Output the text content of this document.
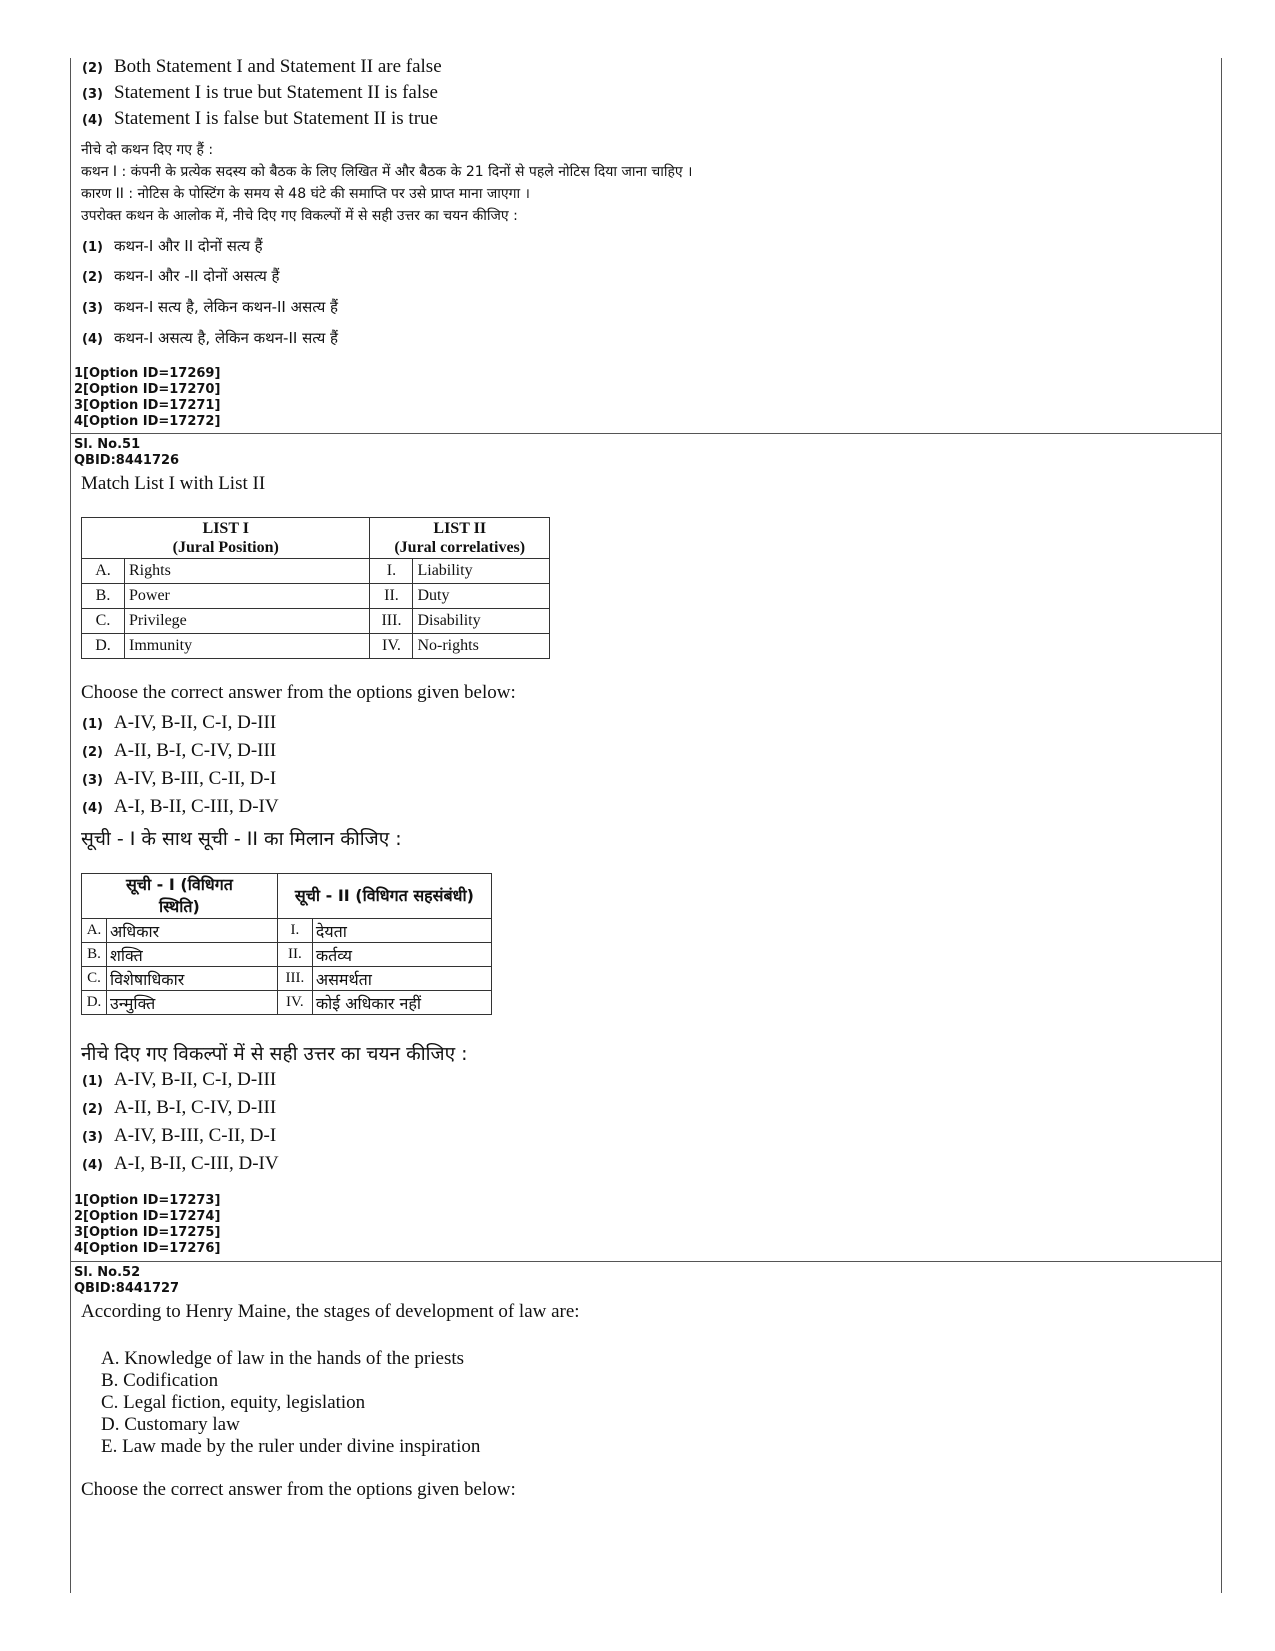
(2) Both Statement I and Statement II are false
(3) Statement I is true but Statement II is false
(4) Statement I is false but Statement II is true
नीचे दो कथन दिए गए हैं :
कथन I : कंपनी के प्रत्येक सदस्य को बैठक के लिए लिखित में और बैठक के 21 दिनों से पहले नोटिस दिया जाना चाहिए ।
कारण II : नोटिस के पोस्टिंग के समय से 48 घंटे की समाप्ति पर उसे प्राप्त माना जाएगा ।
उपरोक्त कथन के आलोक में, नीचे दिए गए विकल्पों में से सही उत्तर का चयन कीजिए :
(1) कथन-I और II दोनों सत्य हैं
(2) कथन-I और -II दोनों असत्य हैं
(3) कथन-I सत्य है, लेकिन कथन-II असत्य हैं
(4) कथन-I असत्य है, लेकिन कथन-II सत्य हैं
1[Option ID=17269]
2[Option ID=17270]
3[Option ID=17271]
4[Option ID=17272]
Sl. No.51
QBID:8441726
Match List I with List II
LIST I
(Jural Position)		LIST II
(Jural correlatives)	
A.	Rights	I.	Liability
B.	Power	II.	Duty
C.	Privilege	III.	Disability
D.	Immunity	IV.	No-rights
Choose the correct answer from the options given below:
(1) A-IV, B-II, C-I, D-III
(2) A-II, B-I, C-IV, D-III
(3) A-IV, B-III, C-II, D-I
(4) A-I, B-II, C-III, D-IV
सूची - I के साथ सूची - II का मिलान कीजिए :
सूची - I (विधिगत
स्थिति)		सूची - II (विधिगत सहसंबंधी)	
A.	अधिकार	I.	देयता
B.	शक्ति	II.	कर्तव्य
C.	विशेषाधिकार	III.	असमर्थता
D.	उन्मुक्ति	IV.	कोई अधिकार नहीं
नीचे दिए गए विकल्पों में से सही उत्तर का चयन कीजिए :
(1) A-IV, B-II, C-I, D-III
(2) A-II, B-I, C-IV, D-III
(3) A-IV, B-III, C-II, D-I
(4) A-I, B-II, C-III, D-IV
1[Option ID=17273]
2[Option ID=17274]
3[Option ID=17275]
4[Option ID=17276]
Sl. No.52
QBID:8441727
According to Henry Maine, the stages of development of law are:
A. Knowledge of law in the hands of the priests
B. Codification
C. Legal fiction, equity, legislation
D. Customary law
E. Law made by the ruler under divine inspiration
Choose the correct answer from the options given below:
